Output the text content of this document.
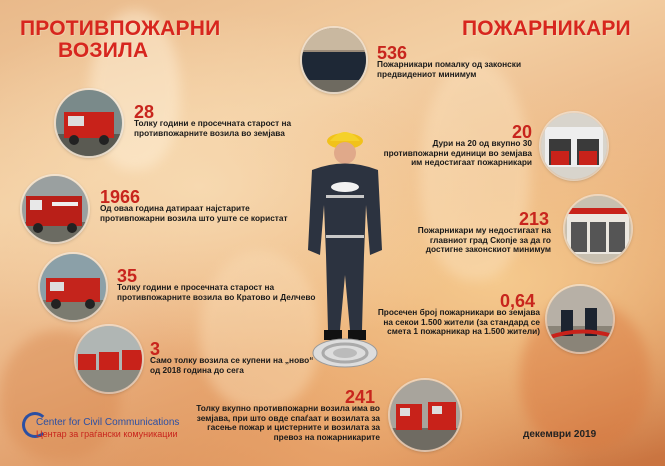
ПРОТИВПОЖАРНИ
ВОЗИЛА
ПОЖАРНИКАРИ
28
Толку години е просечната старост на противпожарните возила во земјава
1966
Од оваа година датираат најстарите противпожарни возила што уште се користат
35
Толку години е просечната старост на противпожарните возила во Кратово и Делчево
3
Само толку возила се купени на „ново“ од 2018 година до сега
536
Пожарникари помалку од законски предвидениот минимум
20
Дури на 20 од вкупно 30 противпожарни единици во земјава им недостигаат пожарникари
213
Пожарникари му недостигаат на главниот град Скопје за да го достигне законскиот минимум
0,64
Просечен број пожарникари во земјава на секои 1.500 жители (за стандард се смета 1 пожарникар на 1.500 жители)
241
Толку вкупно противпожарни возила има во земјава, при што овде спаѓаат и возилата за гасење пожар и цистерните и возилата за превоз на пожарникарите
Center for Civil Communications
Центар за граѓански комуникации	декември 2019
